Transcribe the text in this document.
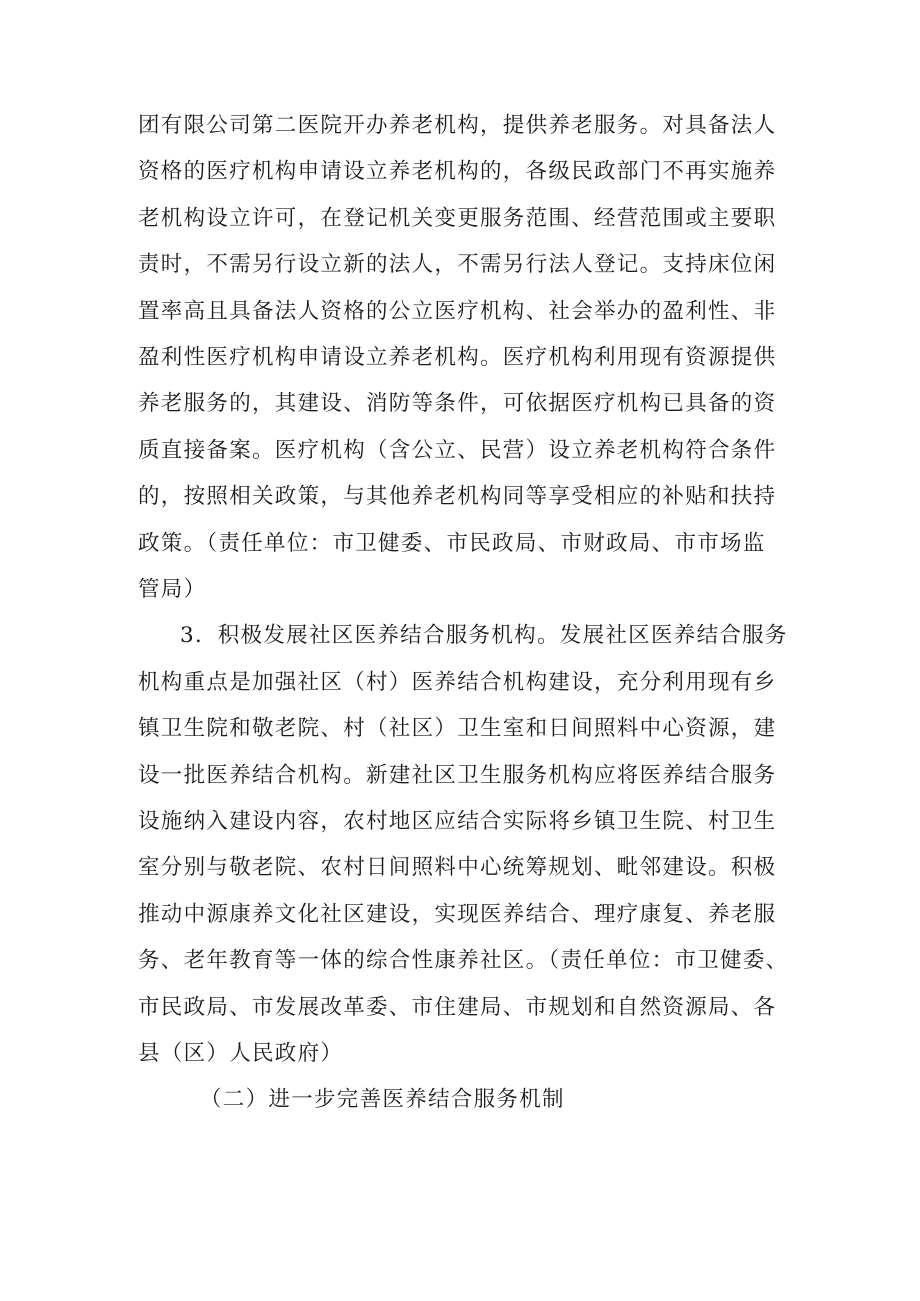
团有限公司第二医院开办养老机构，提供养老服务。对具备法人
资格的医疗机构申请设立养老机构的，各级民政部门不再实施养
老机构设立许可，在登记机关变更服务范围、经营范围或主要职
责时，不需另行设立新的法人，不需另行法人登记。支持床位闲
置率高且具备法人资格的公立医疗机构、社会举办的盈利性、非
盈利性医疗机构申请设立养老机构。医疗机构利用现有资源提供
养老服务的，其建设、消防等条件，可依据医疗机构已具备的资
质直接备案。医疗机构（含公立、民营）设立养老机构符合条件
的，按照相关政策，与其他养老机构同等享受相应的补贴和扶持
政策。（责任单位：市卫健委、市民政局、市财政局、市市场监
管局）
3．积极发展社区医养结合服务机构。发展社区医养结合服务
机构重点是加强社区（村）医养结合机构建设，充分利用现有乡
镇卫生院和敬老院、村（社区）卫生室和日间照料中心资源，建
设一批医养结合机构。新建社区卫生服务机构应将医养结合服务
设施纳入建设内容，农村地区应结合实际将乡镇卫生院、村卫生
室分别与敬老院、农村日间照料中心统筹规划、毗邻建设。积极
推动中源康养文化社区建设，实现医养结合、理疗康复、养老服
务、老年教育等一体的综合性康养社区。（责任单位：市卫健委、
市民政局、市发展改革委、市住建局、市规划和自然资源局、各
县（区）人民政府）
（二）进一步完善医养结合服务机制
